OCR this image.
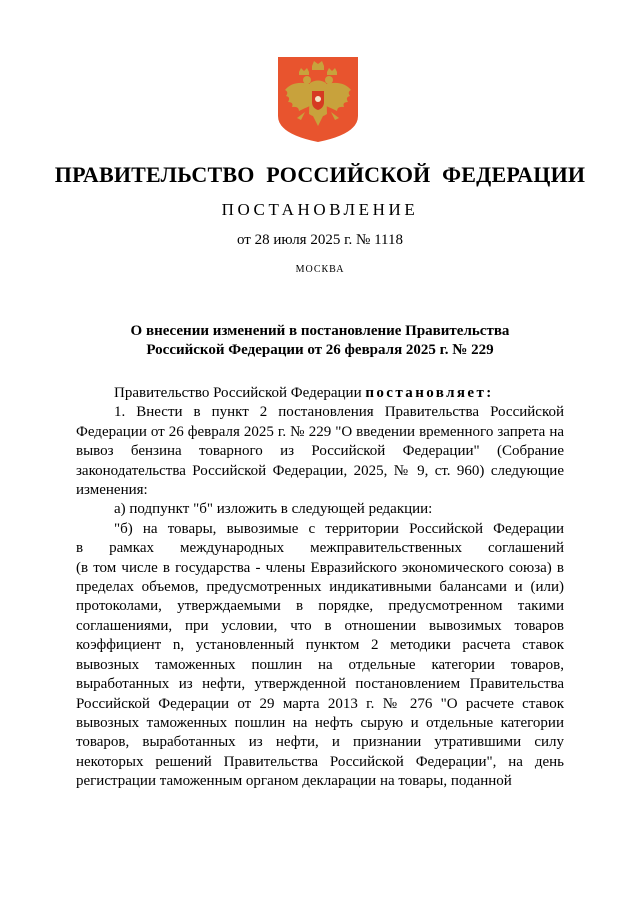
ПРАВИТЕЛЬСТВО РОССИЙСКОЙ ФЕДЕРАЦИИ
ПОСТАНОВЛЕНИЕ
от 28 июля 2025 г. № 1118
МОСКВА
О внесении изменений в постановление Правительства
Российской Федерации от 26 февраля 2025 г. № 229

Правительство Российской Федерации постановляет:

1. Внести в пункт 2 постановления Правительства Российской Федерации от 26 февраля 2025 г. № 229 "О введении временного запрета на вывоз бензина товарного из Российской Федерации" (Собрание законодательства Российской Федерации, 2025, № 9, ст. 960) следующие изменения:

а) подпункт "б" изложить в следующей редакции:

"б) на товары, вывозимые с территории Российской Федерации

в рамках международных межправительственных соглашений

(в том числе в государства - члены Евразийского экономического союза) в пределах объемов, предусмотренных индикативными балансами и (или) протоколами, утверждаемыми в порядке, предусмотренном такими соглашениями, при условии, что в отношении вывозимых товаров коэффициент n, установленный пунктом 2 методики расчета ставок вывозных таможенных пошлин на отдельные категории товаров, выработанных из нефти, утвержденной постановлением Правительства Российской Федерации от 29 марта 2013 г. № 276 "О расчете ставок вывозных таможенных пошлин на нефть сырую и отдельные категории товаров, выработанных из нефти, и признании утратившими силу некоторых решений Правительства Российской Федерации", на день регистрации таможенным органом декларации на товары, поданной
